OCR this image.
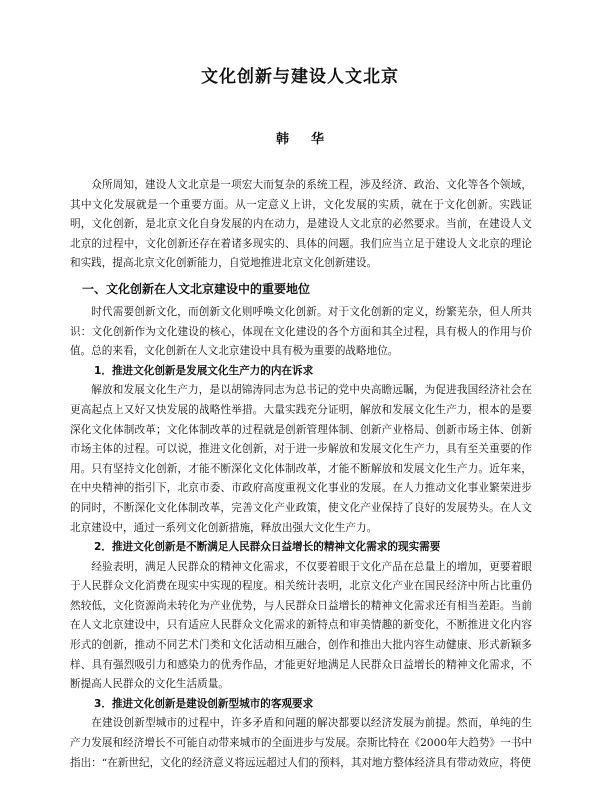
文化创新与建设人文北京
韩 华

众所周知，建设人文北京是一项宏大而复杂的系统工程，涉及经济、政治、文化等各个领域，其中文化发展就是一个重要方面。从一定意义上讲，文化发展的实质，就在于文化创新。实践证明，文化创新，是北京文化自身发展的内在动力，是建设人文北京的必然要求。当前，在建设人文北京的过程中，文化创新还存在着诸多现实的、具体的问题。我们应当立足于建设人文北京的理论和实践，提高北京文化创新能力，自觉地推进北京文化创新建设。

一、文化创新在人文北京建设中的重要地位

时代需要创新文化，而创新文化则呼唤文化创新。对于文化创新的定义，纷繁芜杂，但人所共识：文化创新作为文化建设的核心，体现在文化建设的各个方面和其全过程，具有极人的作用与价值。总的来看，文化创新在人文北京建设中具有极为重要的战略地位。

1．推进文化创新是发展文化生产力的内在诉求

解放和发展文化生产力，是以胡锦涛同志为总书记的党中央高瞻远瞩，为促进我国经济社会在更高起点上又好又快发展的战略性举措。大量实践充分证明，解放和发展文化生产力，根本的是要深化文化体制改革；文化体制改革的过程就是创新管理体制、创新产业格局、创新市场主体、创新市场主体的过程。可以说，推进文化创新，对于进一步解放和发展文化生产力，具有至关重要的作用。只有坚持文化创新，才能不断深化文化体制改革，才能不断解放和发展文化生产力。近年来，在中央精神的指引下，北京市委、市政府高度重视文化事业的发展。在人力推动文化事业繁荣进步的同时，不断深化文化体制改革，完善文化产业政策，使文化产业保持了良好的发展势头。在人文北京建设中，通过一系列文化创新措施，释放出强大文化生产力。

2．推进文化创新是不断满足人民群众日益增长的精神文化需求的现实需要

经验表明，满足人民群众的精神文化需求，不仅要着眼于文化产品在总量上的增加，更要着眼于人民群众文化消费在现实中实现的程度。相关统计表明，北京文化产业在国民经济中所占比重仍然较低，文化资源尚未转化为产业优势，与人民群众日益增长的精神文化需求还有相当差距。当前在人文北京建设中，只有适应人民群众文化需求的新特点和审美情趣的新变化，不断推进文化内容形式的创新，推动不同艺术门类和文化活动相互融合，创作和推出大批内容生动健康、形式新颖多样、具有强烈吸引力和感染力的优秀作品，才能更好地满足人民群众日益增长的精神文化需求，不断提高人民群众的文化生活质量。

3．推进文化创新是建设创新型城市的客观要求

在建设创新型城市的过程中，许多矛盾和问题的解决都要以经济发展为前提。然而，单纯的生产力发展和经济增长不可能自动带来城市的全面进步与发展。奈斯比特在《2000年大趋势》一书中指出：“在新世纪，文化的经济意义将远远超过人们的预料，其对地方整体经济具有带动效应，将使
